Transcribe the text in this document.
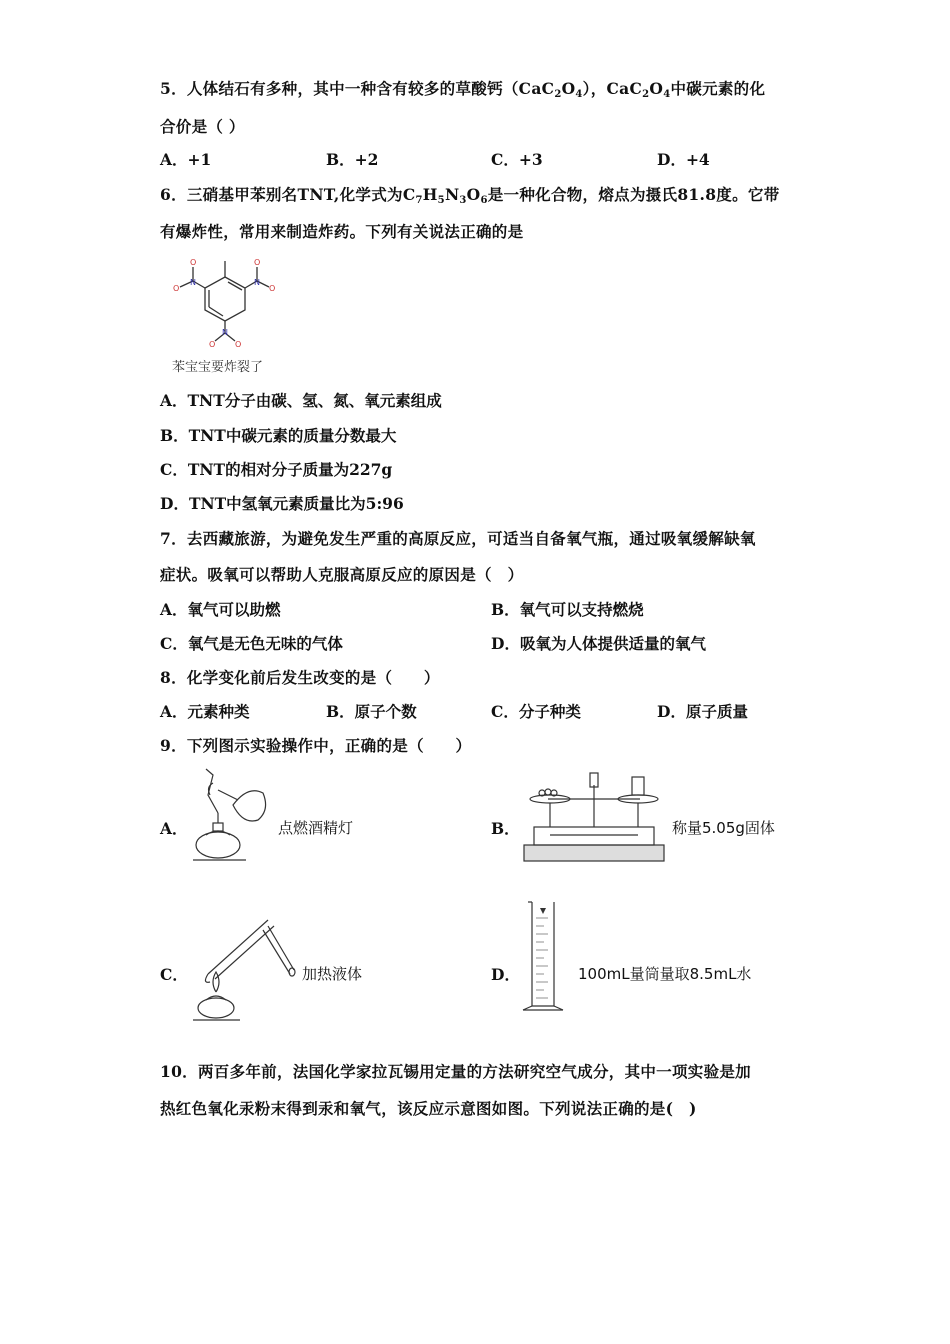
5．人体结石有多种，其中一种含有较多的草酸钙$(CaC_2O_4)$，$CaC_2O_4$中碳元素的化
合价是（ ）
A．+1	B．+2	C．+3	D．+4
6．三硝基甲苯别名TNT,化学式为$C_7H_5N_3O_6$是一种化合物，熔点为摄氏81.8度。它带
有爆炸性，常用来制造炸药。下列有关说法正确的是
O
O
O
O
O O
N
N
N
苯宝宝要炸裂了
A．TNT分子由碳、氢、氮、氧元素组成
B．TNT中碳元素的质量分数最大
C．TNT的相对分子质量为227g
D．TNT中氢氧元素质量比为5:96
7．去西藏旅游，为避免发生严重的高原反应，可适当自备氧气瓶，通过吸氧缓解缺氧
症状。吸氧可以帮助人克服高原反应的原因是（　）
A．氧气可以助燃	B．氧气可以支持燃烧
C．氧气是无色无味的气体	D．吸氧为人体提供适量的氧气
8．化学变化前后发生改变的是（　　）
A．元素种类	B．原子个数	C．分子种类	D．原子质量
9．下列图示实验操作中，正确的是（　　）
A．	点燃酒精灯	B．	称量5.05g固体
C．	加热液体	D．	100mL量筒量取8.5mL水
10．两百多年前，法国化学家拉瓦锡用定量的方法研究空气成分，其中一项实验是加
热红色氧化汞粉末得到汞和氧气，该反应示意图如图。下列说法正确的是(　)
